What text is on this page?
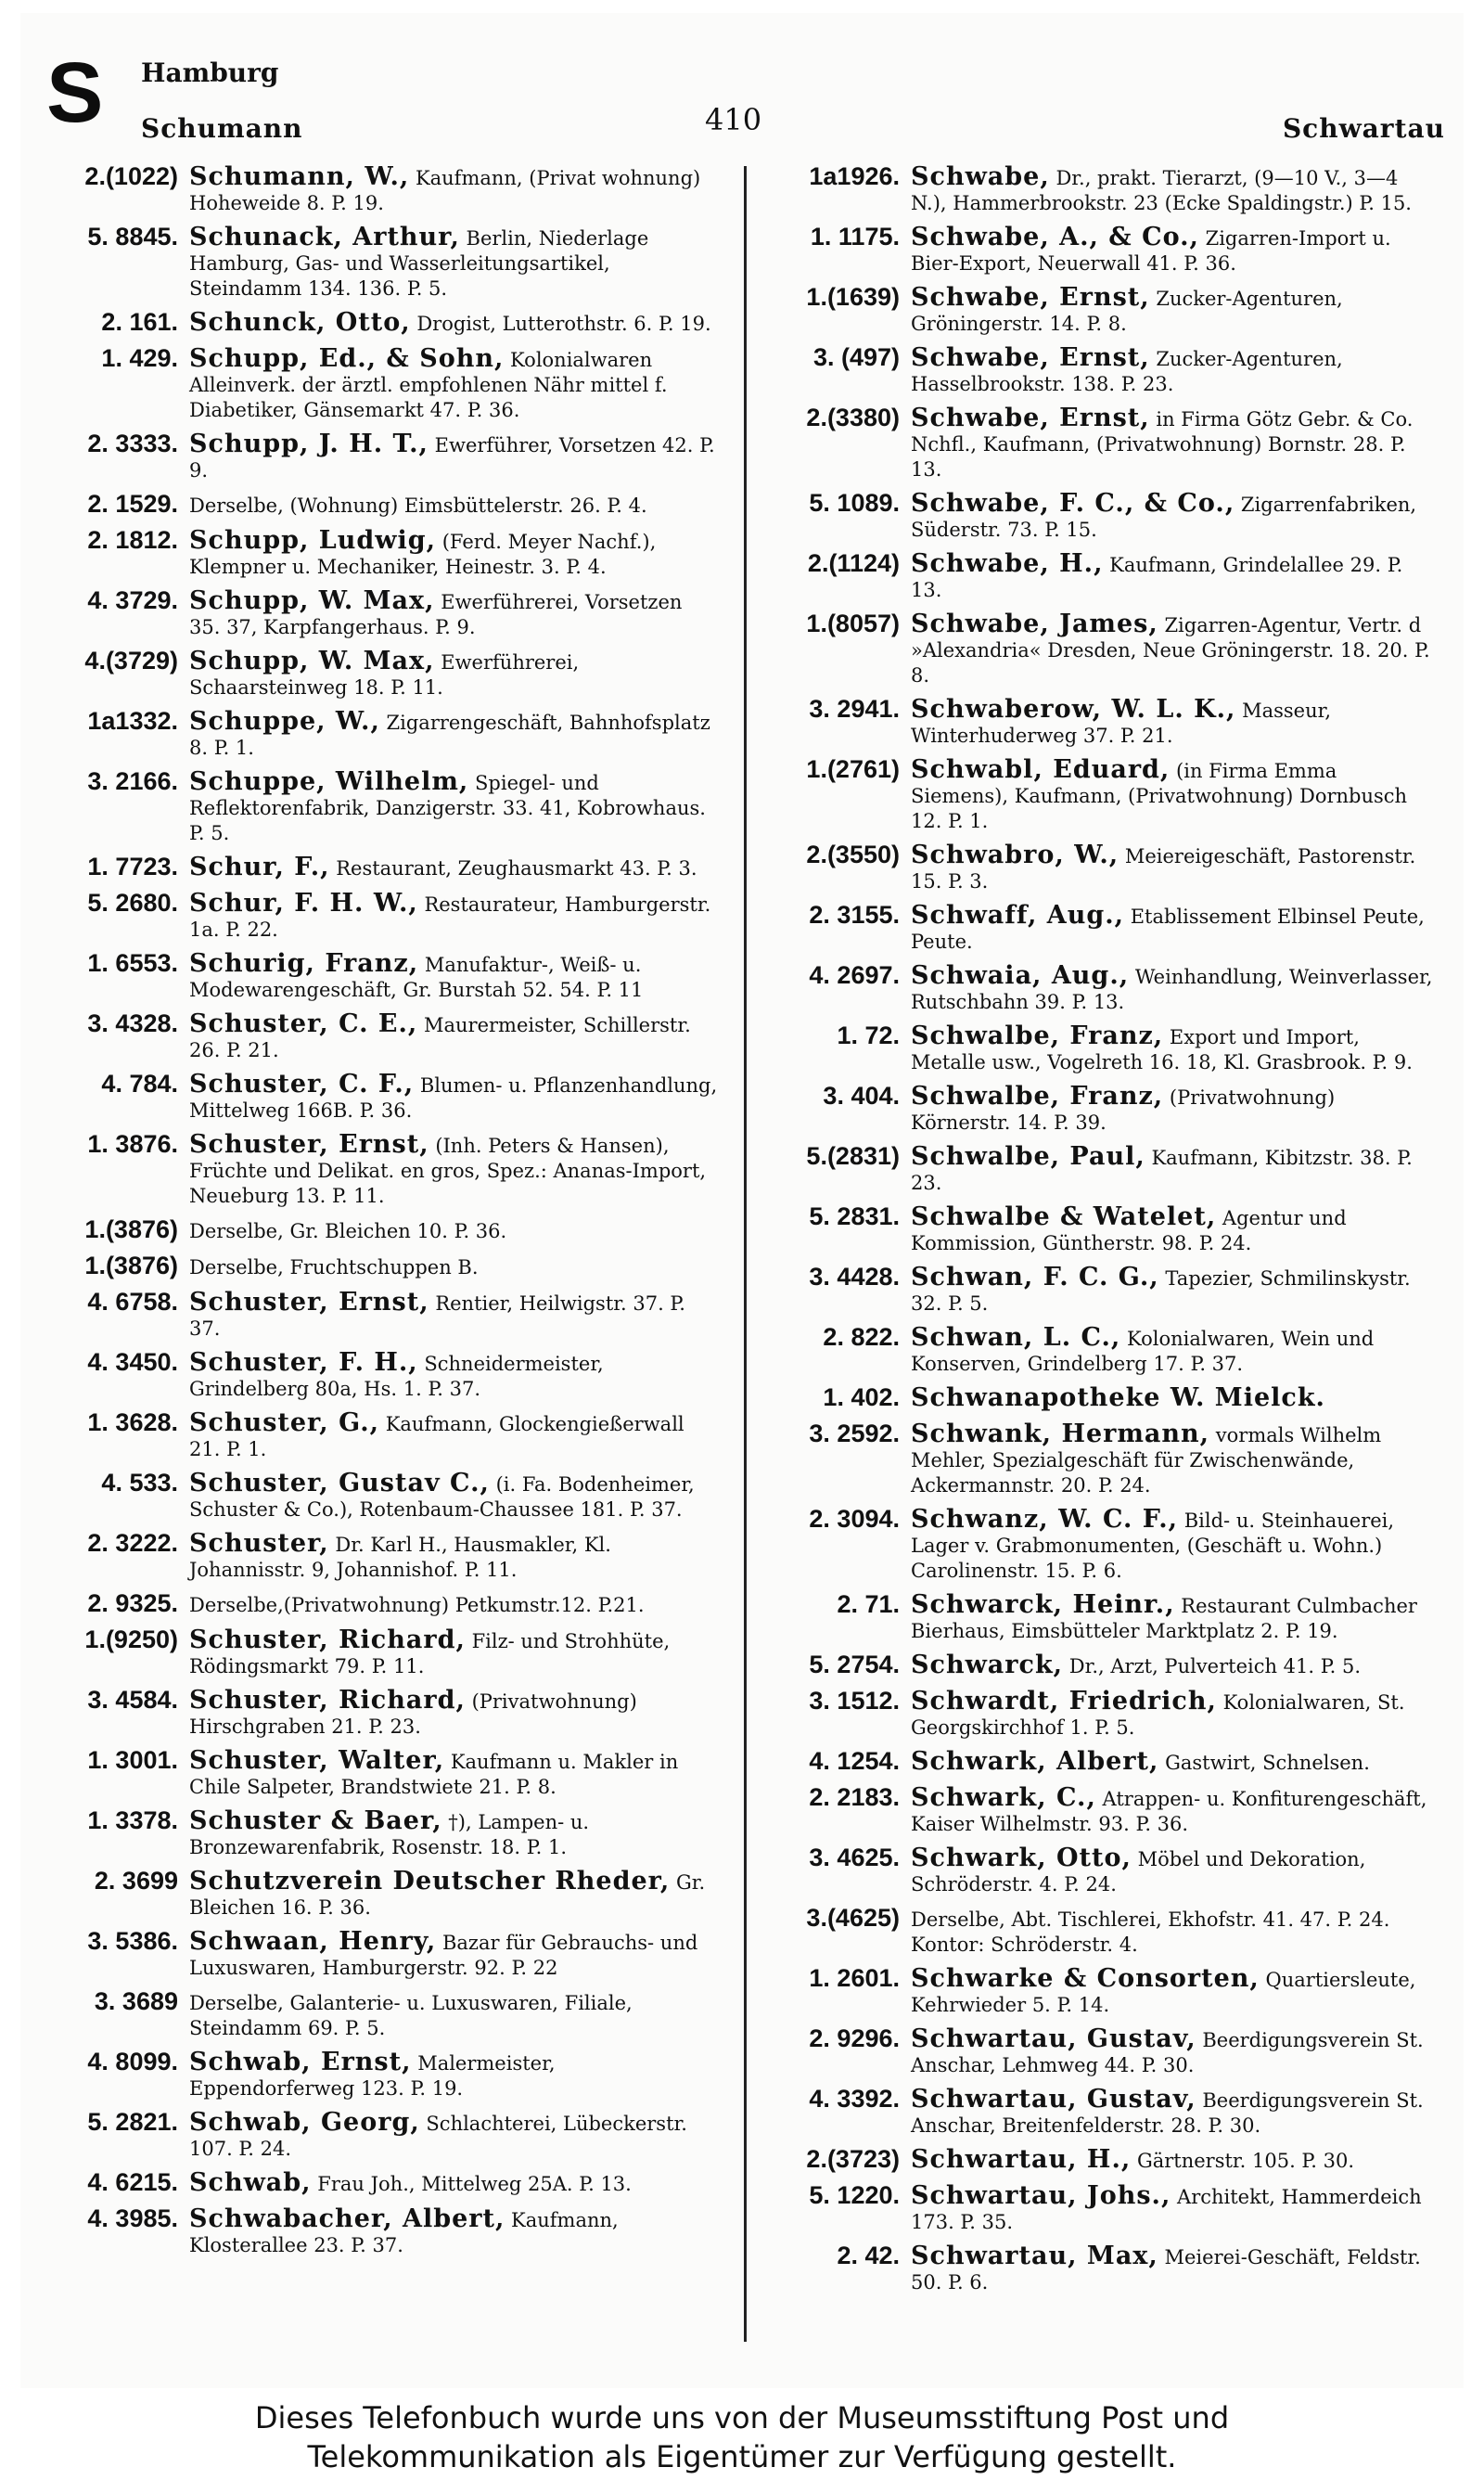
S Hamburg
Schumann	410	Schwartau
2.(1022) Schumann, W., Kaufmann, (Privat wohnung) Hoheweide 8. P. 19.
5. 8845. Schunack, Arthur, Berlin, Niederlage Hamburg, Gas- und Wasserleitungsartikel, Steindamm 134. 136. P. 5.
2. 161. Schunck, Otto, Drogist, Lutterothstr. 6. P. 19.
1. 429. Schupp, Ed., & Sohn, Kolonialwaren Alleinverk. der ärztl. empfohlenen Nähr mittel f. Diabetiker, Gänsemarkt 47. P. 36.
2. 3333. Schupp, J. H. T., Ewerführer, Vorsetzen 42. P. 9.
2. 1529. Derselbe, (Wohnung) Eimsbüttelerstr. 26. P. 4.
2. 1812. Schupp, Ludwig, (Ferd. Meyer Nachf.), Klempner u. Mechaniker, Heinestr. 3. P. 4.
4. 3729. Schupp, W. Max, Ewerführerei, Vorsetzen 35. 37, Karpfangerhaus. P. 9.
4.(3729) Schupp, W. Max, Ewerführerei, Schaarsteinweg 18. P. 11.
1a1332. Schuppe, W., Zigarrengeschäft, Bahnhofsplatz 8. P. 1.
3. 2166. Schuppe, Wilhelm, Spiegel- und Reflektorenfabrik, Danzigerstr. 33. 41, Kobrowhaus. P. 5.
1. 7723. Schur, F., Restaurant, Zeughausmarkt 43. P. 3.
5. 2680. Schur, F. H. W., Restaurateur, Hamburgerstr. 1a. P. 22.
1. 6553. Schurig, Franz, Manufaktur-, Weiß- u. Modewarengeschäft, Gr. Burstah 52. 54. P. 11
3. 4328. Schuster, C. E., Maurermeister, Schillerstr. 26. P. 21.
4. 784. Schuster, C. F., Blumen- u. Pflanzenhandlung, Mittelweg 166B. P. 36.
1. 3876. Schuster, Ernst, (Inh. Peters & Hansen), Früchte und Delikat. en gros, Spez.: Ananas-Import, Neueburg 13. P. 11.
1.(3876) Derselbe, Gr. Bleichen 10. P. 36.
1.(3876) Derselbe, Fruchtschuppen B.
4. 6758. Schuster, Ernst, Rentier, Heilwigstr. 37. P. 37.
4. 3450. Schuster, F. H., Schneidermeister, Grindelberg 80a, Hs. 1. P. 37.
1. 3628. Schuster, G., Kaufmann, Glockengießerwall 21. P. 1.
4. 533. Schuster, Gustav C., (i. Fa. Bodenheimer, Schuster & Co.), Rotenbaum-Chaussee 181. P. 37.
2. 3222. Schuster, Dr. Karl H., Hausmakler, Kl. Johannisstr. 9, Johannishof. P. 11.
2. 9325. Derselbe,(Privatwohnung) Petkumstr.12. P.21.
1.(9250) Schuster, Richard, Filz- und Strohhüte, Rödingsmarkt 79. P. 11.
3. 4584. Schuster, Richard, (Privatwohnung) Hirschgraben 21. P. 23.
1. 3001. Schuster, Walter, Kaufmann u. Makler in Chile Salpeter, Brandstwiete 21. P. 8.
1. 3378. Schuster & Baer, †), Lampen- u. Bronzewarenfabrik, Rosenstr. 18. P. 1.
2. 3699 Schutzverein Deutscher Rheder, Gr. Bleichen 16. P. 36.
3. 5386. Schwaan, Henry, Bazar für Gebrauchs- und Luxuswaren, Hamburgerstr. 92. P. 22
3. 3689 Derselbe, Galanterie- u. Luxuswaren, Filiale, Steindamm 69. P. 5.
4. 8099. Schwab, Ernst, Malermeister, Eppendorferweg 123. P. 19.
5. 2821. Schwab, Georg, Schlachterei, Lübeckerstr. 107. P. 24.
4. 6215. Schwab, Frau Joh., Mittelweg 25A. P. 13.
4. 3985. Schwabacher, Albert, Kaufmann, Klosterallee 23. P. 37.
1a1926. Schwabe, Dr., prakt. Tierarzt, (9—10 V., 3—4 N.), Hammerbrookstr. 23 (Ecke Spaldingstr.) P. 15.
1. 1175. Schwabe, A., & Co., Zigarren-Import u. Bier-Export, Neuerwall 41. P. 36.
1.(1639) Schwabe, Ernst, Zucker-Agenturen, Gröningerstr. 14. P. 8.
3. (497) Schwabe, Ernst, Zucker-Agenturen, Hasselbrookstr. 138. P. 23.
2.(3380) Schwabe, Ernst, in Firma Götz Gebr. & Co. Nchfl., Kaufmann, (Privatwohnung) Bornstr. 28. P. 13.
5. 1089. Schwabe, F. C., & Co., Zigarrenfabriken, Süderstr. 73. P. 15.
2.(1124) Schwabe, H., Kaufmann, Grindelallee 29. P. 13.
1.(8057) Schwabe, James, Zigarren-Agentur, Vertr. d »Alexandria« Dresden, Neue Gröningerstr. 18. 20. P. 8.
3. 2941. Schwaberow, W. L. K., Masseur, Winterhuderweg 37. P. 21.
1.(2761) Schwabl, Eduard, (in Firma Emma Siemens), Kaufmann, (Privatwohnung) Dornbusch 12. P. 1.
2.(3550) Schwabro, W., Meiereigeschäft, Pastorenstr. 15. P. 3.
2. 3155. Schwaff, Aug., Etablissement Elbinsel Peute, Peute.
4. 2697. Schwaia, Aug., Weinhandlung, Weinverlasser, Rutschbahn 39. P. 13.
1. 72. Schwalbe, Franz, Export und Import, Metalle usw., Vogelreth 16. 18, Kl. Grasbrook. P. 9.
3. 404. Schwalbe, Franz, (Privatwohnung) Körnerstr. 14. P. 39.
5.(2831) Schwalbe, Paul, Kaufmann, Kibitzstr. 38. P. 23.
5. 2831. Schwalbe & Watelet, Agentur und Kommission, Güntherstr. 98. P. 24.
3. 4428. Schwan, F. C. G., Tapezier, Schmilinskystr. 32. P. 5.
2. 822. Schwan, L. C., Kolonialwaren, Wein und Konserven, Grindelberg 17. P. 37.
1. 402. Schwanapotheke W. Mielck.
3. 2592. Schwank, Hermann, vormals Wilhelm Mehler, Spezialgeschäft für Zwischenwände, Ackermannstr. 20. P. 24.
2. 3094. Schwanz, W. C. F., Bild- u. Steinhauerei, Lager v. Grabmonumenten, (Geschäft u. Wohn.) Carolinenstr. 15. P. 6.
2. 71. Schwarck, Heinr., Restaurant Culmbacher Bierhaus, Eimsbütteler Marktplatz 2. P. 19.
5. 2754. Schwarck, Dr., Arzt, Pulverteich 41. P. 5.
3. 1512. Schwardt, Friedrich, Kolonialwaren, St. Georgskirchhof 1. P. 5.
4. 1254. Schwark, Albert, Gastwirt, Schnelsen.
2. 2183. Schwark, C., Atrappen- u. Konfiturengeschäft, Kaiser Wilhelmstr. 93. P. 36.
3. 4625. Schwark, Otto, Möbel und Dekoration, Schröderstr. 4. P. 24.
3.(4625) Derselbe, Abt. Tischlerei, Ekhofstr. 41. 47. P. 24. Kontor: Schröderstr. 4.
1. 2601. Schwarke & Consorten, Quartiersleute, Kehrwieder 5. P. 14.
2. 9296. Schwartau, Gustav, Beerdigungsverein St. Anschar, Lehmweg 44. P. 30.
4. 3392. Schwartau, Gustav, Beerdigungsverein St. Anschar, Breitenfelderstr. 28. P. 30.
2.(3723) Schwartau, H., Gärtnerstr. 105. P. 30.
5. 1220. Schwartau, Johs., Architekt, Hammerdeich 173. P. 35.
2. 42. Schwartau, Max, Meierei-Geschäft, Feldstr. 50. P. 6.
Dieses Telefonbuch wurde uns von der Museumsstiftung Post und
Telekommunikation als Eigentümer zur Verfügung gestellt.
